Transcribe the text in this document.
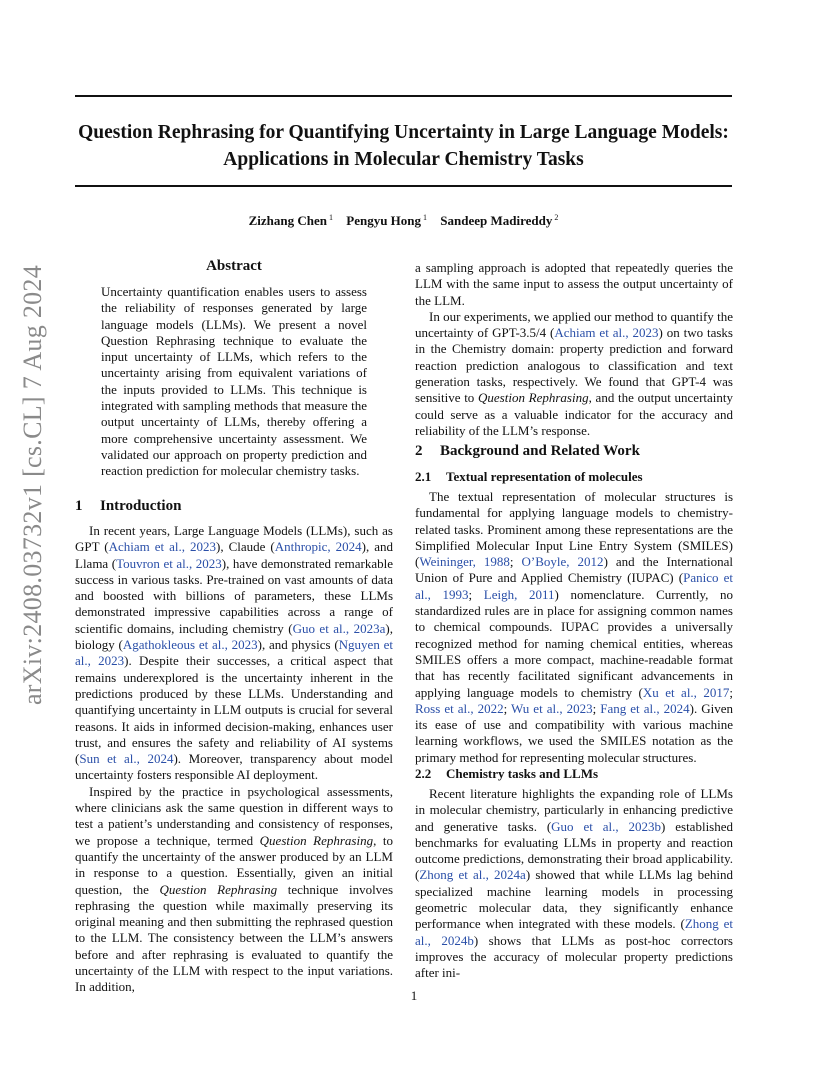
Question Rephrasing for Quantifying Uncertainty in Large Language Models:
Applications in Molecular Chemistry Tasks
Zizhang Chen $^1$ Pengyu Hong $^1$ Sandeep Madireddy $^2$
arXiv:2408.03732v1 [cs.CL] 7 Aug 2024	Abstract
Uncertainty quantification enables users to assess the reliability of responses generated by large language models (LLMs). We present a novel Question Rephrasing technique to evaluate the input uncertainty of LLMs, which refers to the uncertainty arising from equivalent variations of the inputs provided to LLMs. This technique is integrated with sampling methods that measure the output uncertainty of LLMs, thereby offering a more comprehensive uncertainty assessment. We validated our approach on property prediction and reaction prediction for molecular chemistry tasks.
1 Introduction

In recent years, Large Language Models (LLMs), such as GPT (Achiam et al., 2023), Claude (Anthropic, 2024), and Llama (Touvron et al., 2023), have demonstrated remarkable success in various tasks. Pre-trained on vast amounts of data and boosted with billions of parameters, these LLMs demonstrated impressive capabilities across a range of scientific domains, including chemistry (Guo et al., 2023a), biology (Agathokleous et al., 2023), and physics (Nguyen et al., 2023). Despite their successes, a critical aspect that remains underexplored is the uncertainty inherent in the predictions produced by these LLMs. Understanding and quantifying uncertainty in LLM outputs is crucial for several reasons. It aids in informed decision-making, enhances user trust, and ensures the safety and reliability of AI systems (Sun et al., 2024). Moreover, transparency about model uncertainty fosters responsible AI deployment.

Inspired by the practice in psychological assessments, where clinicians ask the same question in different ways to test a patient’s understanding and consistency of responses, we propose a technique, termed Question Rephrasing, to quantify the uncertainty of the answer produced by an LLM in response to a question. Essentially, given an initial question, the Question Rephrasing technique involves rephrasing the question while maximally preserving its original meaning and then submitting the rephrased question to the LLM. The consistency between the LLM’s answers before and after rephrasing is evaluated to quantify the uncertainty of the LLM with respect to the input variations. In addition,

a sampling approach is adopted that repeatedly queries the LLM with the same input to assess the output uncertainty of the LLM.

In our experiments, we applied our method to quantify the uncertainty of GPT-3.5/4 (Achiam et al., 2023) on two tasks in the Chemistry domain: property prediction and forward reaction prediction analogous to classification and text generation tasks, respectively. We found that GPT-4 was sensitive to Question Rephrasing, and the output uncertainty could serve as a valuable indicator for the accuracy and reliability of the LLM’s response.

2 Background and Related Work
2.1 Textual representation of molecules

The textual representation of molecular structures is fundamental for applying language models to chemistry-related tasks. Prominent among these representations are the Simplified Molecular Input Line Entry System (SMILES) (Weininger, 1988; O’Boyle, 2012) and the International Union of Pure and Applied Chemistry (IUPAC) (Panico et al., 1993; Leigh, 2011) nomenclature. Currently, no standardized rules are in place for assigning common names to chemical compounds. IUPAC provides a universally recognized method for naming chemical entities, whereas SMILES offers a more compact, machine-readable format that has recently facilitated significant advancements in applying language models to chemistry (Xu et al., 2017; Ross et al., 2022; Wu et al., 2023; Fang et al., 2024). Given its ease of use and compatibility with various machine learning workflows, we used the SMILES notation as the primary method for representing molecular structures.

2.2 Chemistry tasks and LLMs

Recent literature highlights the expanding role of LLMs in molecular chemistry, particularly in enhancing predictive and generative tasks. (Guo et al., 2023b) established benchmarks for evaluating LLMs in property and reaction outcome predictions, demonstrating their broad applicability. (Zhong et al., 2024a) showed that while LLMs lag behind specialized machine learning models in processing geometric molecular data, they significantly enhance performance when integrated with these models. (Zhong et al., 2024b) shows that LLMs as post-hoc correctors improves the accuracy of molecular property predictions after ini-

1
